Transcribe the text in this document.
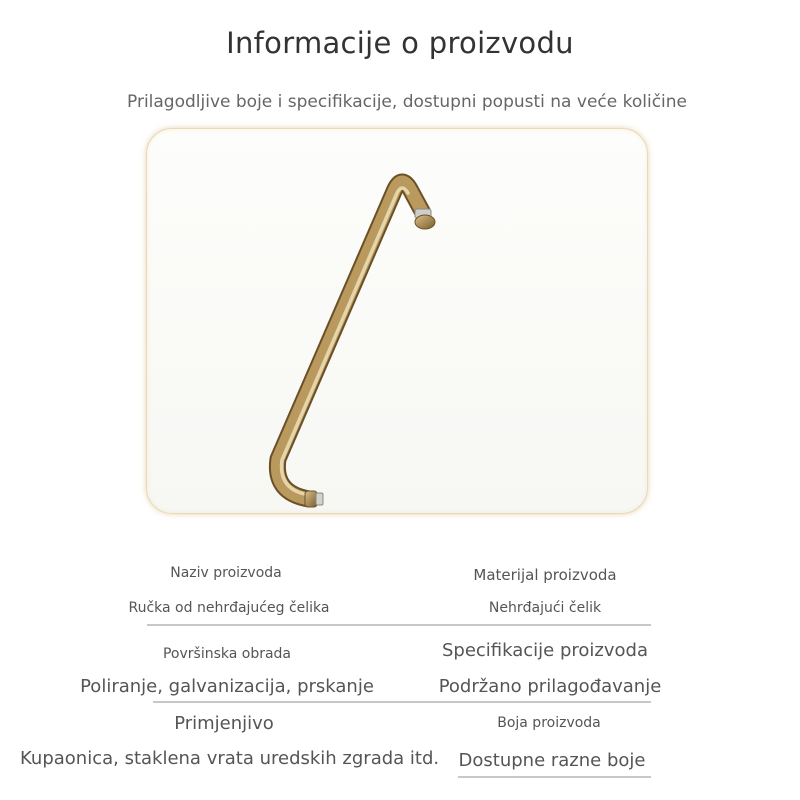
Informacije o proizvodu
Prilagodljive boje i specifikacije, dostupni popusti na veće količine
Naziv proizvoda	Materijal proizvoda
Ručka od nehrđajućeg čelika	Nehrđajući čelik
Površinska obrada	Specifikacije proizvoda
Poliranje, galvanizacija, prskanje	Podržano prilagođavanje
Primjenjivo	Boja proizvoda
Kupaonica, staklena vrata uredskih zgrada itd.	Dostupne razne boje
